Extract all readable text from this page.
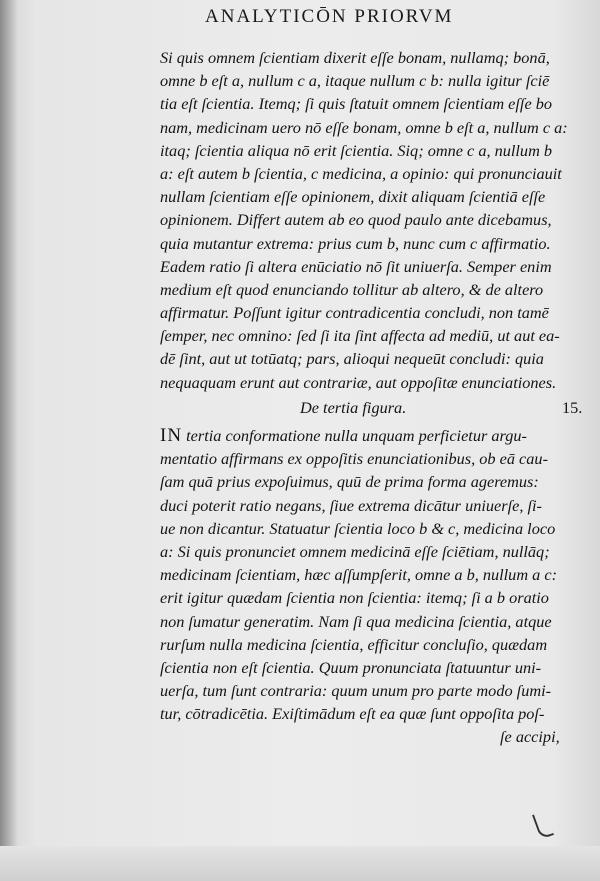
ANALYTICŌN PRIORVM
Si quis omnem ſcientiam dixerit eſſe bonam, nullamq; bonā,
omne b eſt a, nullum c a, itaque nullum c b: nulla igitur ſciē
tia eſt ſcientia. Itemq; ſi quis ſtatuit omnem ſcientiam eſſe bo
nam, medicinam uero nō eſſe bonam, omne b eſt a, nullum c a:
itaq; ſcientia aliqua nō erit ſcientia. Siq; omne c a, nullum b
a: eſt autem b ſcientia, c medicina, a opinio: qui pronunciauit
nullam ſcientiam eſſe opinionem, dixit aliquam ſcientiā eſſe
opinionem. Differt autem ab eo quod paulo ante dicebamus,
quia mutantur extrema: prius cum b, nunc cum c affirmatio.
Eadem ratio ſi altera enūciatio nō ſit uniuerſa. Semper enim
medium eſt quod enunciando tollitur ab altero, & de altero
affirmatur. Poſſunt igitur contradicentia concludi, non tamē
ſemper, nec omnino: ſed ſi ita ſint affecta ad mediū, ut aut ea-
dē ſint, aut ut totūatq; pars, alioqui nequeūt concludi: quia
nequaquam erunt aut contrariæ, aut oppoſitæ enunciationes.
De tertia figura.	15.
IN tertia conformatione nulla unquam perficietur argu-
mentatio affirmans ex oppoſitis enunciationibus, ob eā cau-
ſam quā prius expoſuimus, quū de prima forma ageremus:
duci poterit ratio negans, ſiue extrema dicātur uniuerſe, ſi-
ue non dicantur. Statuatur ſcientia loco b & c, medicina loco
a: Si quis pronunciet omnem medicinā eſſe ſciētiam, nullāq;
medicinam ſcientiam, hæc aſſumpſerit, omne a b, nullum a c:
erit igitur quædam ſcientia non ſcientia: itemq; ſi a b oratio
non ſumatur generatim. Nam ſi qua medicina ſcientia, atque
rurſum nulla medicina ſcientia, efficitur concluſio, quædam
ſcientia non eſt ſcientia. Quum pronunciata ſtatuuntur uni-
uerſa, tum ſunt contraria: quum unum pro parte modo ſumi-
tur, cōtradicētia. Exiſtimādum eſt ea quæ ſunt oppoſita poſ-
ſe accipi,
